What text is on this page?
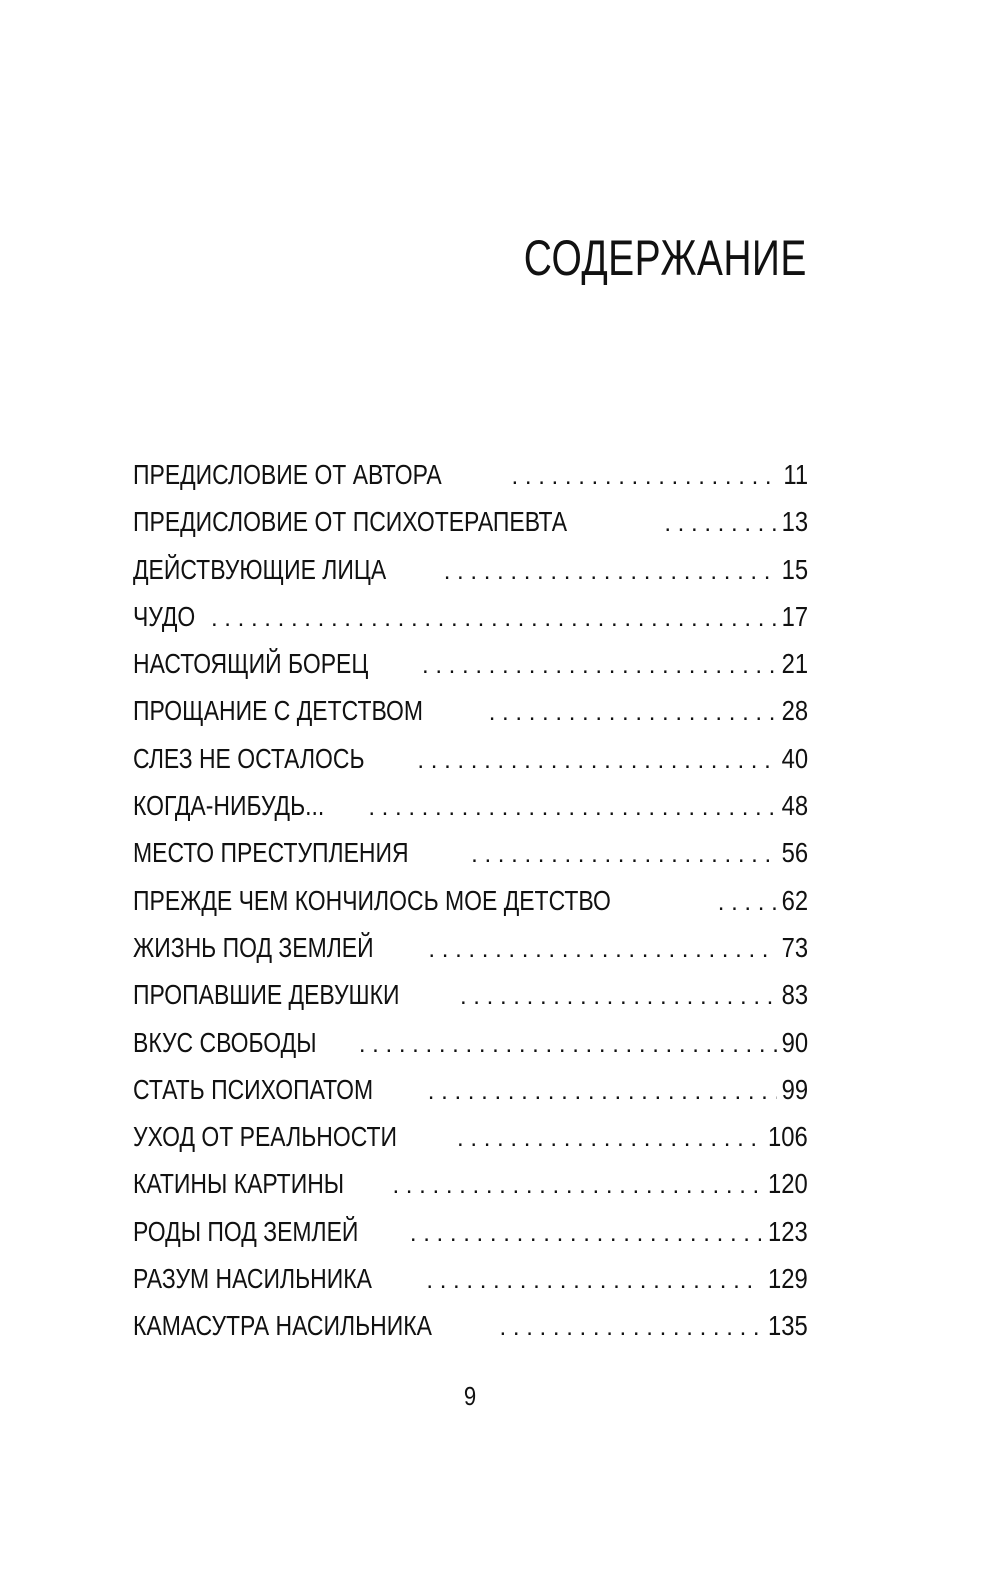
СОДЕРЖАНИЕ
ПРЕДИСЛОВИЕ ОТ АВТОРА . . .	11
ПРЕДИСЛОВИЕ ОТ ПСИХОТЕРАПЕВТА . . .	13
ДЕЙСТВУЮЩИЕ ЛИЦА . . .	15
ЧУДО . . .	17
НАСТОЯЩИЙ БОРЕЦ . . .	21
ПРОЩАНИЕ С ДЕТСТВОМ . . .	28
СЛЕЗ НЕ ОСТАЛОСЬ . . .	40
КОГДА-НИБУДЬ... . . .	48
МЕСТО ПРЕСТУПЛЕНИЯ . . .	56
ПРЕЖДЕ ЧЕМ КОНЧИЛОСЬ МОЕ ДЕТСТВО . . .	62
ЖИЗНЬ ПОД ЗЕМЛЕЙ . . .	73
ПРОПАВШИЕ ДЕВУШКИ . . .	83
ВКУС СВОБОДЫ . . .	90
СТАТЬ ПСИХОПАТОМ . . .	99
УХОД ОТ РЕАЛЬНОСТИ . . .	106
КАТИНЫ КАРТИНЫ . . .	120
РОДЫ ПОД ЗЕМЛЕЙ . . .	123
РАЗУМ НАСИЛЬНИКА . . .	129
КАМАСУТРА НАСИЛЬНИКА . . .	135
9
